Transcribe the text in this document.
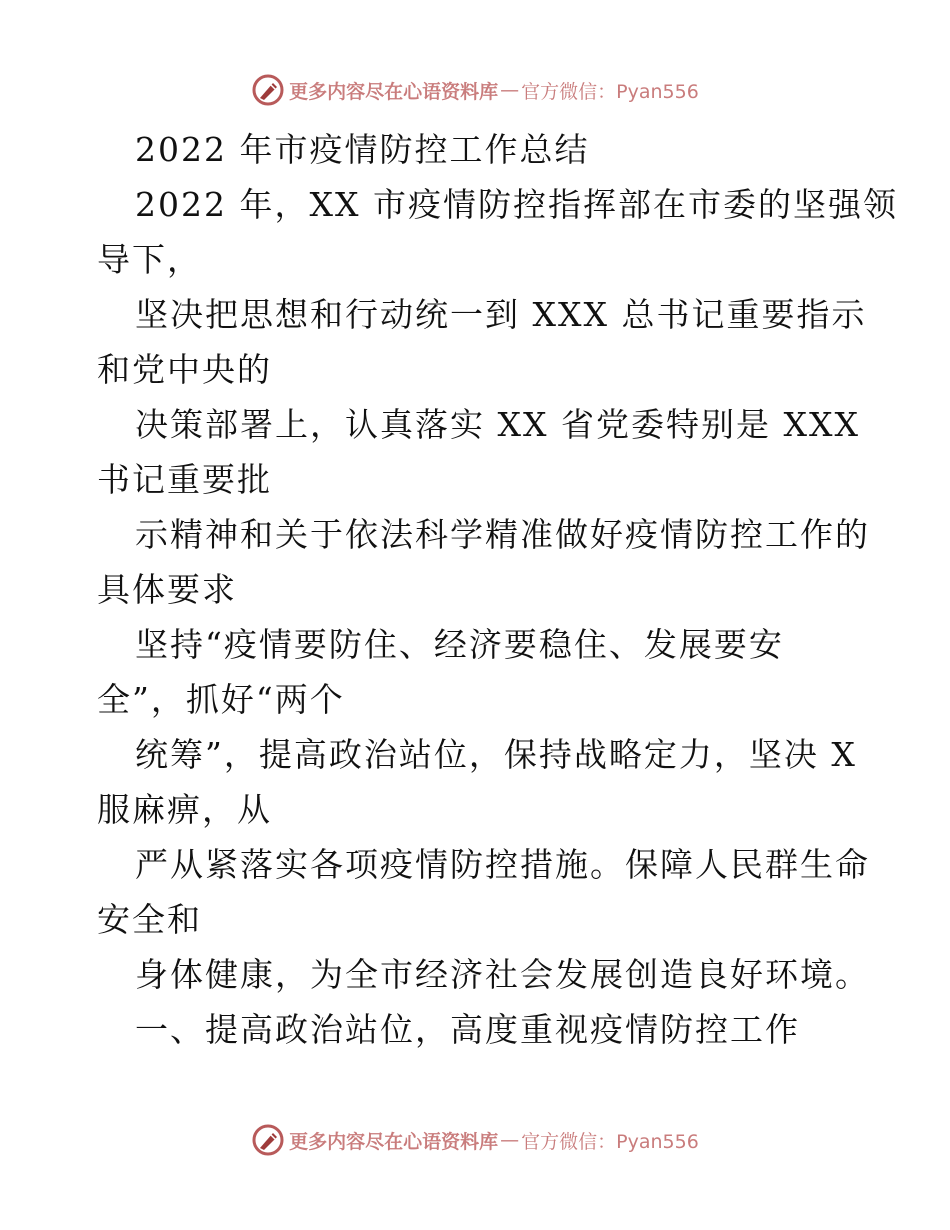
更多内容尽在心语资料库 — 官方微信：Pyan556
2022 年市疫情防控工作总结
2022 年，XX 市疫情防控指挥部在市委的坚强领
导下，
坚决把思想和行动统一到 XXX 总书记重要指示
和党中央的
决策部署上，认真落实 XX 省党委特别是 XXX
书记重要批
示精神和关于依法科学精准做好疫情防控工作的
具体要求
坚持“疫情要防住、经济要稳住、发展要安
全”，抓好“两个
统筹”，提高政治站位，保持战略定力，坚决 X
服麻痹，从
严从紧落实各项疫情防控措施。保障人民群生命
安全和
身体健康，为全市经济社会发展创造良好环境。
一、提高政治站位，高度重视疫情防控工作
更多内容尽在心语资料库 — 官方微信：Pyan556
